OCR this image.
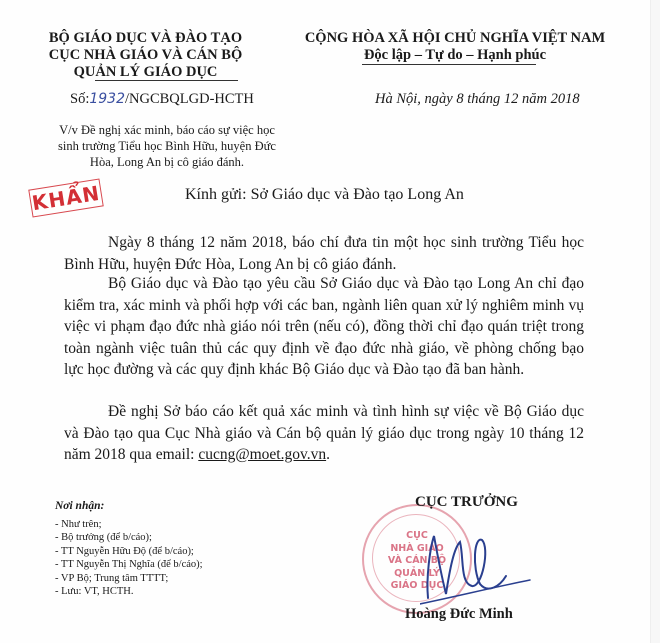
BỘ GIÁO DỤC VÀ ĐÀO TẠO
CỤC NHÀ GIÁO VÀ CÁN BỘ
QUẢN LÝ GIÁO DỤC
CỘNG HÒA XÃ HỘI CHỦ NGHĨA VIỆT NAM
Độc lập – Tự do – Hạnh phúc
Số:1932/NGCBQLGD-HCTH	Hà Nội, ngày 8 tháng 12 năm 2018
V/v Đề nghị xác minh, báo cáo sự việc học sinh trường Tiểu học Bình Hữu, huyện Đức Hòa, Long An bị cô giáo đánh.
KHẨN	Kính gửi: Sở Giáo dục và Đào tạo Long An
Ngày 8 tháng 12 năm 2018, báo chí đưa tin một học sinh trường Tiểu học Bình Hữu, huyện Đức Hòa, Long An bị cô giáo đánh.
Bộ Giáo dục và Đào tạo yêu cầu Sở Giáo dục và Đào tạo Long An chỉ đạo kiểm tra, xác minh và phối hợp với các ban, ngành liên quan xử lý nghiêm minh vụ việc vi phạm đạo đức nhà giáo nói trên (nếu có), đồng thời chỉ đạo quán triệt trong toàn ngành việc tuân thủ các quy định về đạo đức nhà giáo, về phòng chống bạo lực học đường và các quy định khác Bộ Giáo dục và Đào tạo đã ban hành.
Đề nghị Sở báo cáo kết quả xác minh và tình hình sự việc về Bộ Giáo dục và Đào tạo qua Cục Nhà giáo và Cán bộ quản lý giáo dục trong ngày 10 tháng 12 năm 2018 qua email: cucng@moet.gov.vn.
Nơi nhận:
- Như trên;
- Bộ trưởng (để b/cáo);
- TT Nguyễn Hữu Độ (để b/cáo);
- TT Nguyễn Thị Nghĩa (để b/cáo);
- VP Bộ; Trung tâm TTTT;
- Lưu: VT, HCTH.
CỤC
NHÀ GIÁO
VÀ CÁN BỘ
QUẢN LÝ
GIÁO DỤC
CỤC TRƯỞNG
Hoàng Đức Minh
